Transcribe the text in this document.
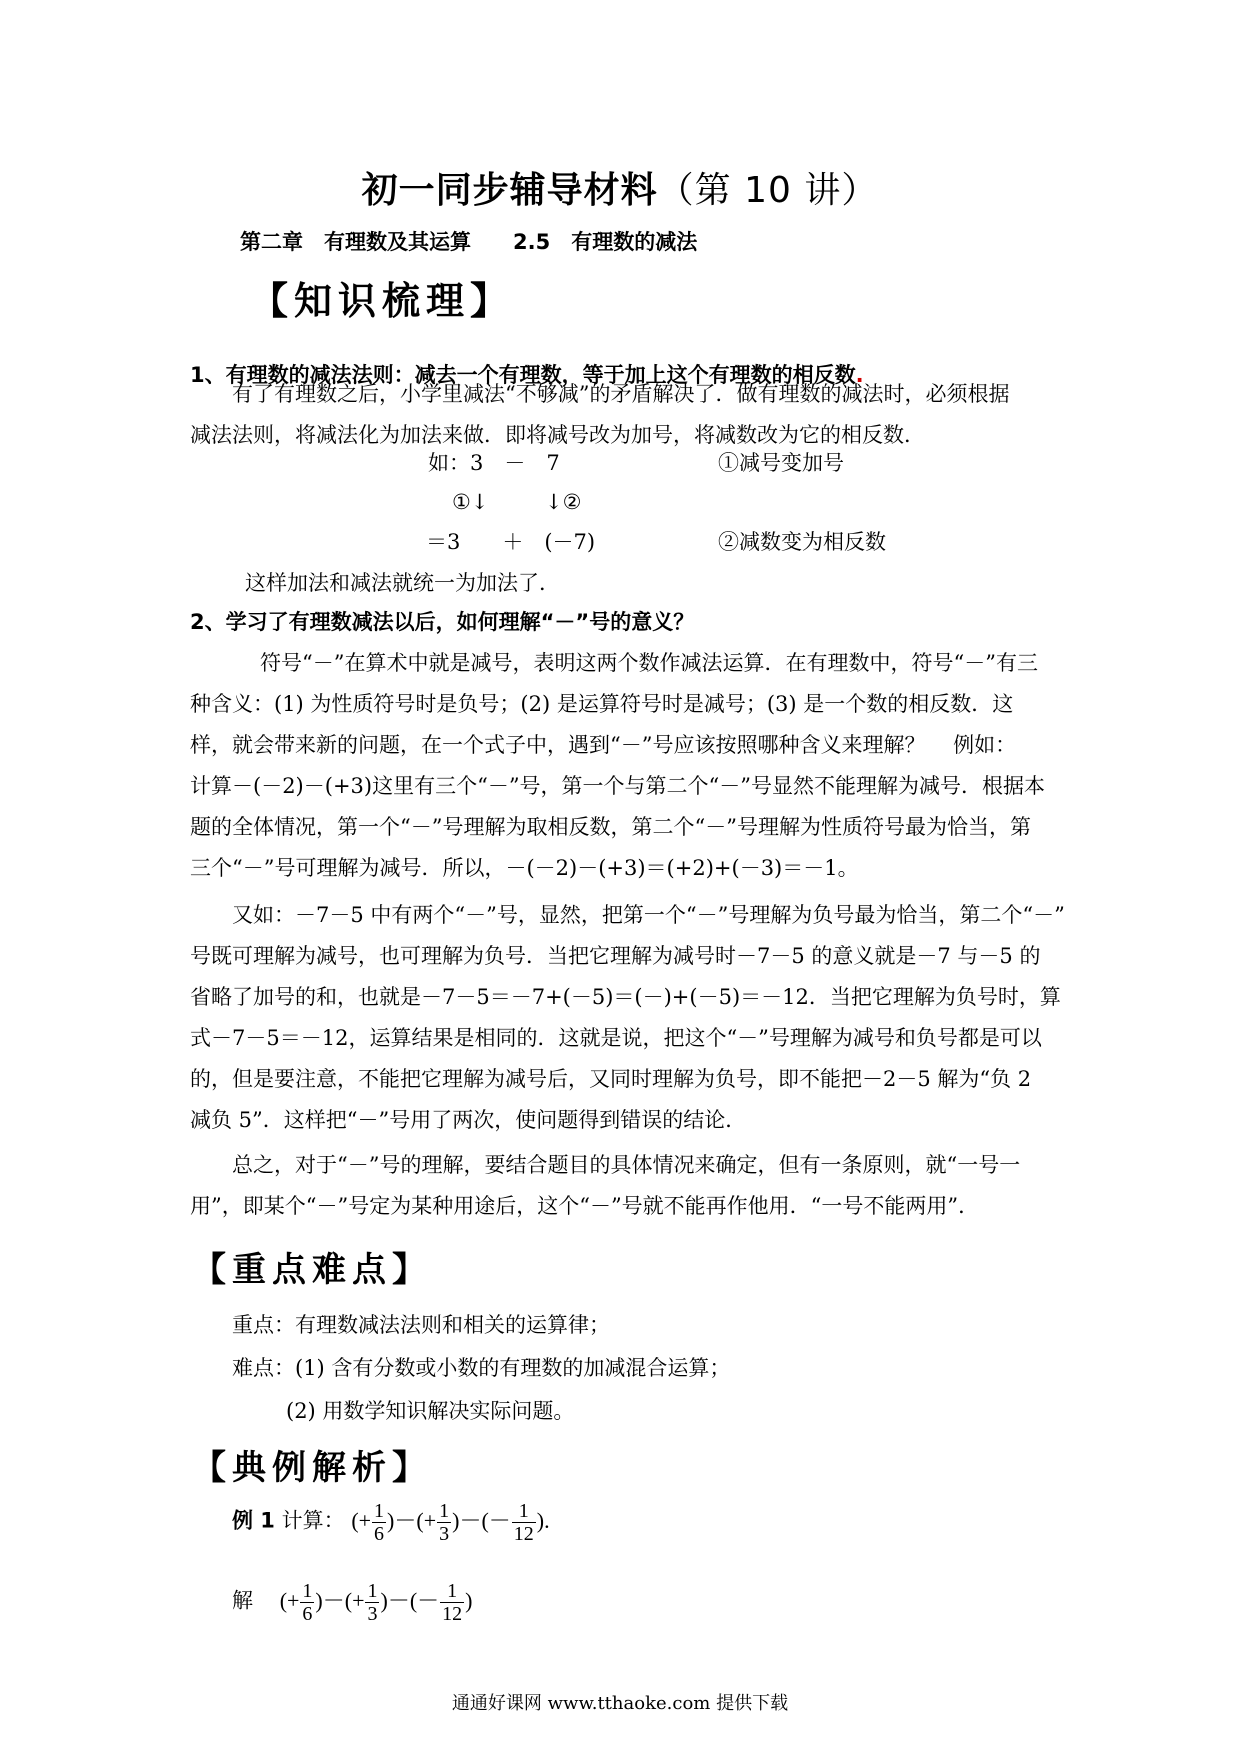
初一同步辅导材料（第 10 讲）
第二章　有理数及其运算　　2.5　有理数的减法
【知识梳理】
1、有理数的减法法则：减去一个有理数，等于加上这个有理数的相反数.
有了有理数之后，小学里减法“不够减”的矛盾解决了．做有理数的减法时，必须根据
减法法则，将减法化为加法来做．即将减号改为加号，将减数改为它的相反数．
如：3　－　7	①减号变加号
①↓	↓②
＝3　　＋　(－7)	②减数变为相反数
这样加法和减法就统一为加法了．
2、学习了有理数减法以后，如何理解“－”号的意义？
符号“－”在算术中就是减号，表明这两个数作减法运算．在有理数中，符号“－”有三
种含义：(1) 为性质符号时是负号；(2) 是运算符号时是减号；(3) 是一个数的相反数．这
样，就会带来新的问题，在一个式子中，遇到“－”号应该按照哪种含义来理解？　 例如：
计算－(－2)－(+3)这里有三个“－”号，第一个与第二个“－”号显然不能理解为减号．根据本
题的全体情况，第一个“－”号理解为取相反数，第二个“－”号理解为性质符号最为恰当，第
三个“－”号可理解为减号．所以，－(－2)－(+3)＝(+2)+(－3)＝－1。
又如：－7－5 中有两个“－”号，显然，把第一个“－”号理解为负号最为恰当，第二个“－”
号既可理解为减号，也可理解为负号．当把它理解为减号时－7－5 的意义就是－7 与－5 的
省略了加号的和，也就是－7－5＝－7+(－5)＝(－)+(－5)＝－12．当把它理解为负号时，算
式－7－5＝－12，运算结果是相同的．这就是说，把这个“－”号理解为减号和负号都是可以
的，但是要注意，不能把它理解为减号后，又同时理解为负号，即不能把－2－5 解为“负 2
减负 5”．这样把“－”号用了两次，使问题得到错误的结论．
总之，对于“－”号的理解，要结合题目的具体情况来确定，但有一条原则，就“一号一
用”，即某个“－”号定为某种用途后，这个“－”号就不能再作他用．“一号不能两用”．
【重点难点】
重点：有理数减法法则和相关的运算律；
难点：(1) 含有分数或小数的有理数的加减混合运算；
(2) 用数学知识解决实际问题。
【典例解析】
例 1 计算： (+ $\frac{1}{6}$ )－(+ $\frac{1}{3}$ )－(－ $\frac{1}{12}$ ).
解 (+ $\frac{1}{6}$ )－(+ $\frac{1}{3}$ )－(－ $\frac{1}{12}$ )
通通好课网 www.tthaoke.com 提供下载
